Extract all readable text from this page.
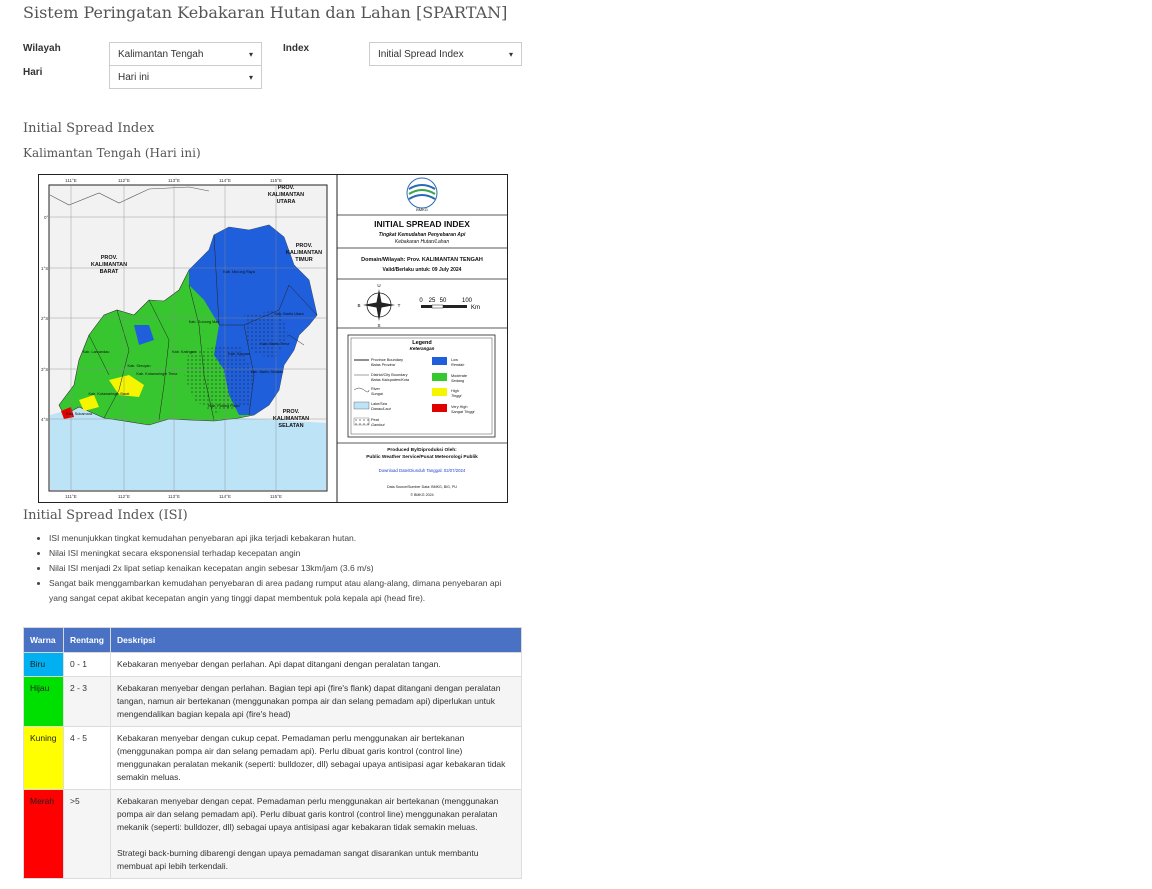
Sistem Peringatan Kebakaran Hutan dan Lahan [SPARTAN]
Wilayah	Kalimantan Tengah	▾
Hari	Hari ini	▾
Index	Initial Spread Index	▾
Initial Spread Index
Kalimantan Tengah (Hari ini)
111°E	112°E	113°E	114°E	115°E
111°E	112°E	113°E	114°E	115°E
0°
1°S
2°S
3°S
4°S
PROV.
KALIMANTAN
BARAT
PROV.
KALIMANTAN
UTARA
PROV.
KALIMANTAN
TIMUR
PROV.
KALIMANTAN
SELATAN
Kab. Murung Raya
Kab. Barito Utara
Kab. Gunung Mas
Kab. Katingan	Kab. Kapuas
Kab. Pulang Pisau
Kab. Lamandau
Kab. Seruyan
Kab. Kotawaringin Timur
Kab. Kotawaringin Barat
Kab. Barito Timur
Kab. Barito Selatan
Kab. Sukamara
BMKG
INITIAL SPREAD INDEX
Tingkat Kemudahan Penyebaran Api
Kebakaran Hutan/Lahan
Domain/Wilayah: Prov. KALIMANTAN TENGAH
Valid/Berlaku untuk: 09 July 2024
U
S
B	T
0 25 50	100
Km
Legend
Keterangan
Province Boundary
Batas Provinsi
District/City Boundary
Batas Kabupaten/Kota
River
Sungai
Lake/Sea
Danau/Laut
Peat
Gambut
Low
Rendah
Moderate
Sedang
High
Tinggi
Very High
Sangat Tinggi
Produced By/Diproduksi Oleh:
Public Weather Service/Pusat Meteorologi Publik
Download Date/Diunduh Tanggal: 02/07/2024
Data Source/Sumber Data: BMKG, BIG, PU
© BMKG 2024
Initial Spread Index (ISI)
• ISI menunjukkan tingkat kemudahan penyebaran api jika terjadi kebakaran hutan.
• Nilai ISI meningkat secara eksponensial terhadap kecepatan angin
• Nilai ISI menjadi 2x lipat setiap kenaikan kecepatan angin sebesar 13km/jam (3.6 m/s)
• Sangat baik menggambarkan kemudahan penyebaran di area padang rumput atau alang-alang, dimana penyebaran api yang sangat cepat akibat kecepatan angin yang tinggi dapat membentuk pola kepala api (head fire).
Warna	Rentang	Deskripsi
Biru	0 - 1	Kebakaran menyebar dengan perlahan. Api dapat ditangani dengan peralatan tangan.
Hijau	2 - 3	Kebakaran menyebar dengan perlahan. Bagian tepi api (fire's flank) dapat ditangani dengan peralatan tangan, namun air bertekanan (menggunakan pompa air dan selang pemadam api) diperlukan untuk mengendalikan bagian kepala api (fire's head)
Kuning	4 - 5	Kebakaran menyebar dengan cukup cepat. Pemadaman perlu menggunakan air bertekanan (menggunakan pompa air dan selang pemadam api). Perlu dibuat garis kontrol (control line) menggunakan peralatan mekanik (seperti: bulldozer, dll) sebagai upaya antisipasi agar kebakaran tidak semakin meluas.
Merah	>5	Kebakaran menyebar dengan cepat. Pemadaman perlu menggunakan air bertekanan (menggunakan pompa air dan selang pemadam api). Perlu dibuat garis kontrol (control line) menggunakan peralatan mekanik (seperti: bulldozer, dll) sebagai upaya antisipasi agar kebakaran tidak semakin meluas.
Strategi back-burning dibarengi dengan upaya pemadaman sangat disarankan untuk membantu membuat api lebih terkendali.
